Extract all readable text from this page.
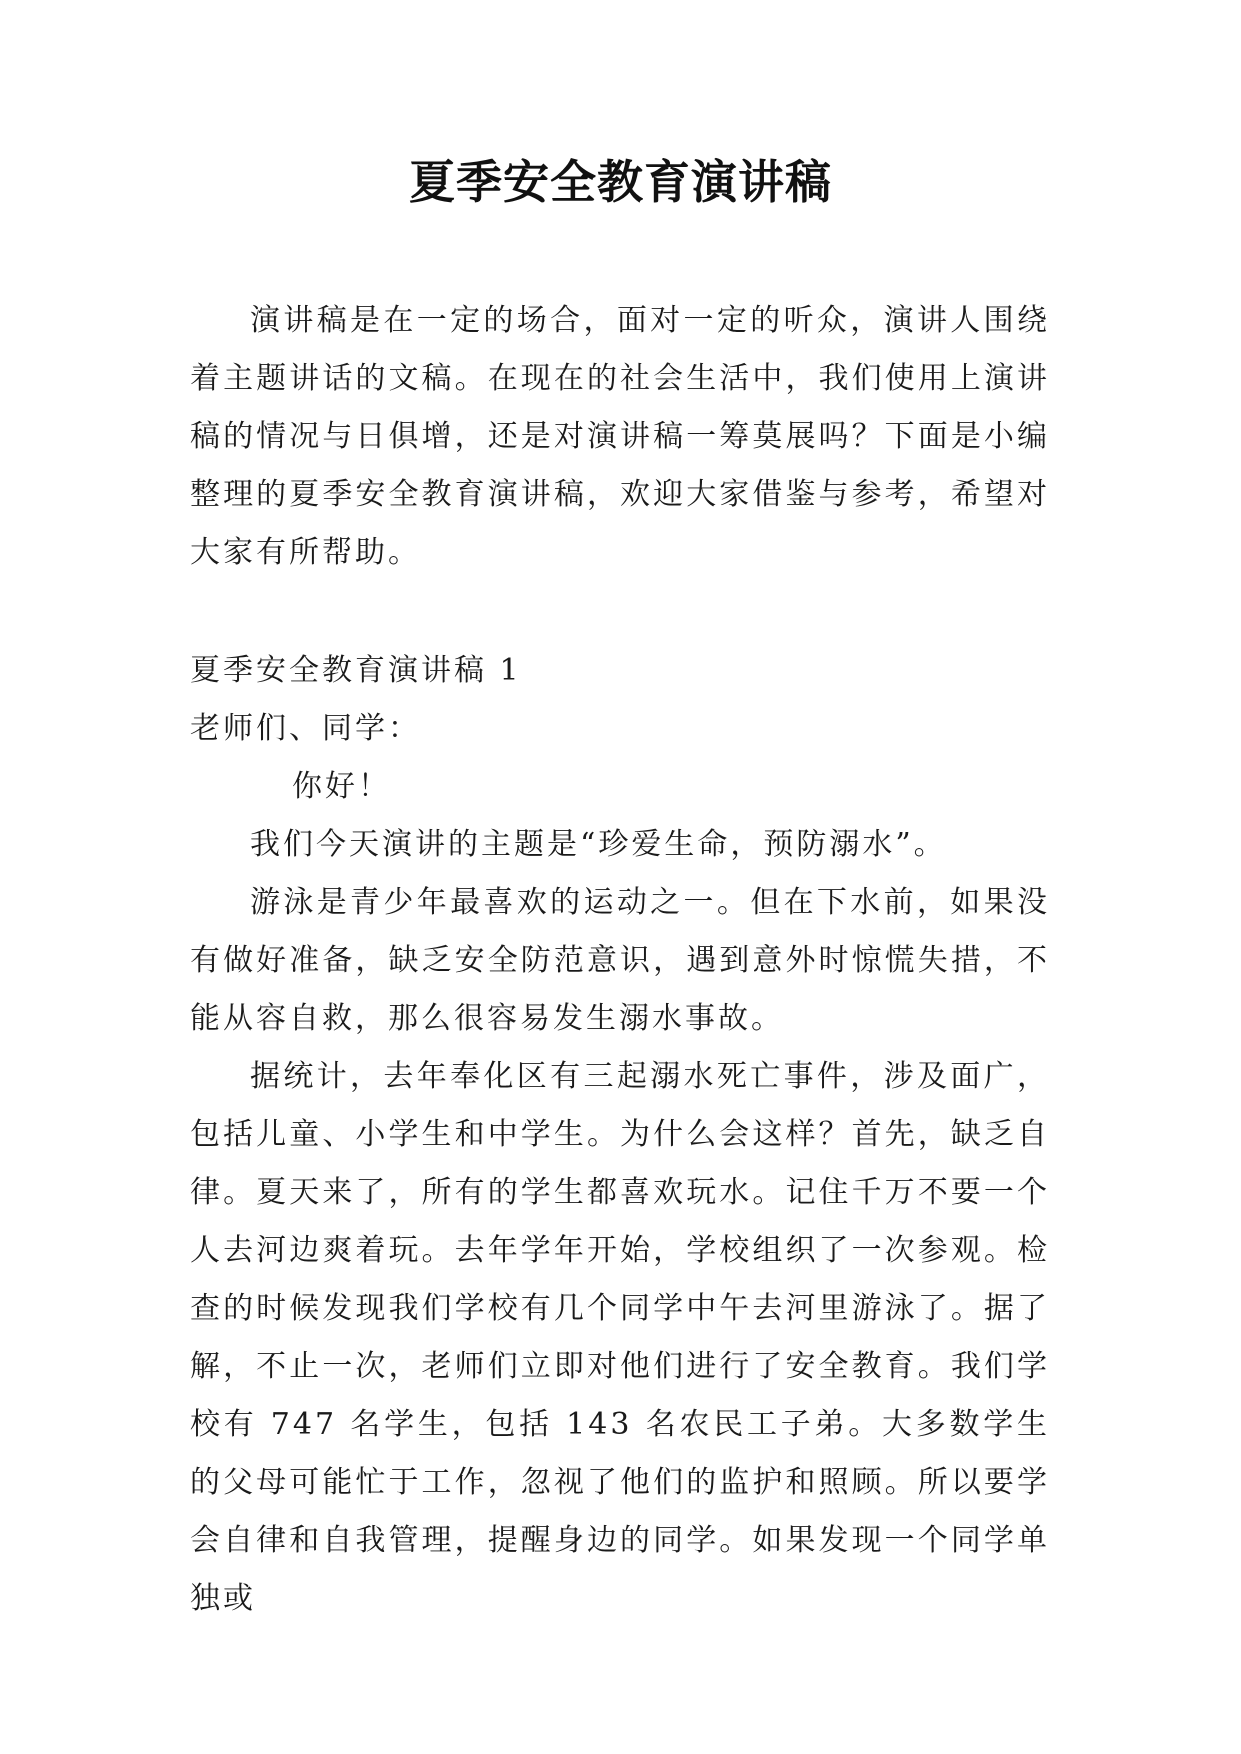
夏季安全教育演讲稿

演讲稿是在一定的场合，面对一定的听众，演讲人围绕着主题讲话的文稿。在现在的社会生活中，我们使用上演讲稿的情况与日俱增，还是对演讲稿一筹莫展吗？下面是小编整理的夏季安全教育演讲稿，欢迎大家借鉴与参考，希望对大家有所帮助。

夏季安全教育演讲稿 1

老师们、同学：

你好！

我们今天演讲的主题是“珍爱生命，预防溺水”。

游泳是青少年最喜欢的运动之一。但在下水前，如果没有做好准备，缺乏安全防范意识，遇到意外时惊慌失措，不能从容自救，那么很容易发生溺水事故。

据统计，去年奉化区有三起溺水死亡事件，涉及面广，包括儿童、小学生和中学生。为什么会这样？首先，缺乏自律。夏天来了，所有的学生都喜欢玩水。记住千万不要一个人去河边爽着玩。去年学年开始，学校组织了一次参观。检查的时候发现我们学校有几个同学中午去河里游泳了。据了解，不止一次，老师们立即对他们进行了安全教育。我们学校有 747 名学生，包括 143 名农民工子弟。大多数学生的父母可能忙于工作，忽视了他们的监护和照顾。所以要学会自律和自我管理，提醒身边的同学。如果发现一个同学单独或
